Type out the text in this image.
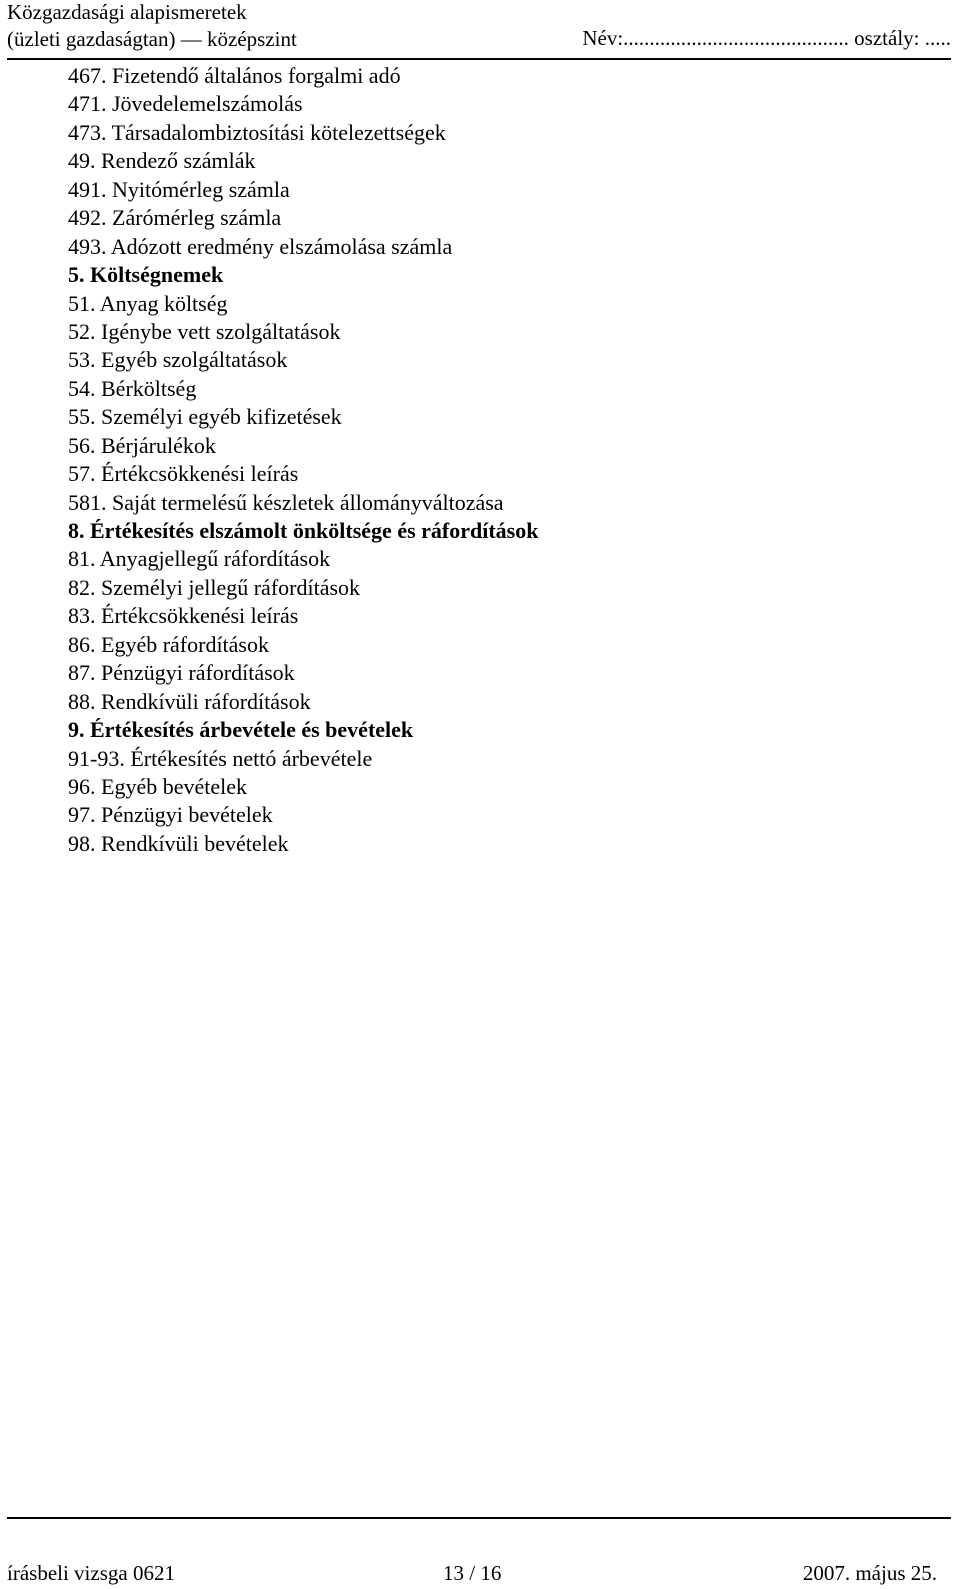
Közgazdasági alapismeretek
(üzleti gazdaságtan) — középszint	Név:........................................... osztály: .....
467. Fizetendő általános forgalmi adó
471. Jövedelemelszámolás
473. Társadalombiztosítási kötelezettségek
49. Rendező számlák
491. Nyitómérleg számla
492. Zárómérleg számla
493. Adózott eredmény elszámolása számla
5. Költségnemek
51. Anyag költség
52. Igénybe vett szolgáltatások
53. Egyéb szolgáltatások
54. Bérköltség
55. Személyi egyéb kifizetések
56. Bérjárulékok
57. Értékcsökkenési leírás
581. Saját termelésű készletek állományváltozása
8. Értékesítés elszámolt önköltsége és ráfordítások
81. Anyagjellegű ráfordítások
82. Személyi jellegű ráfordítások
83. Értékcsökkenési leírás
86. Egyéb ráfordítások
87. Pénzügyi ráfordítások
88. Rendkívüli ráfordítások
9. Értékesítés árbevétele és bevételek
91-93. Értékesítés nettó árbevétele
96. Egyéb bevételek
97. Pénzügyi bevételek
98. Rendkívüli bevételek
írásbeli vizsga 0621	13 / 16	2007. május 25.
